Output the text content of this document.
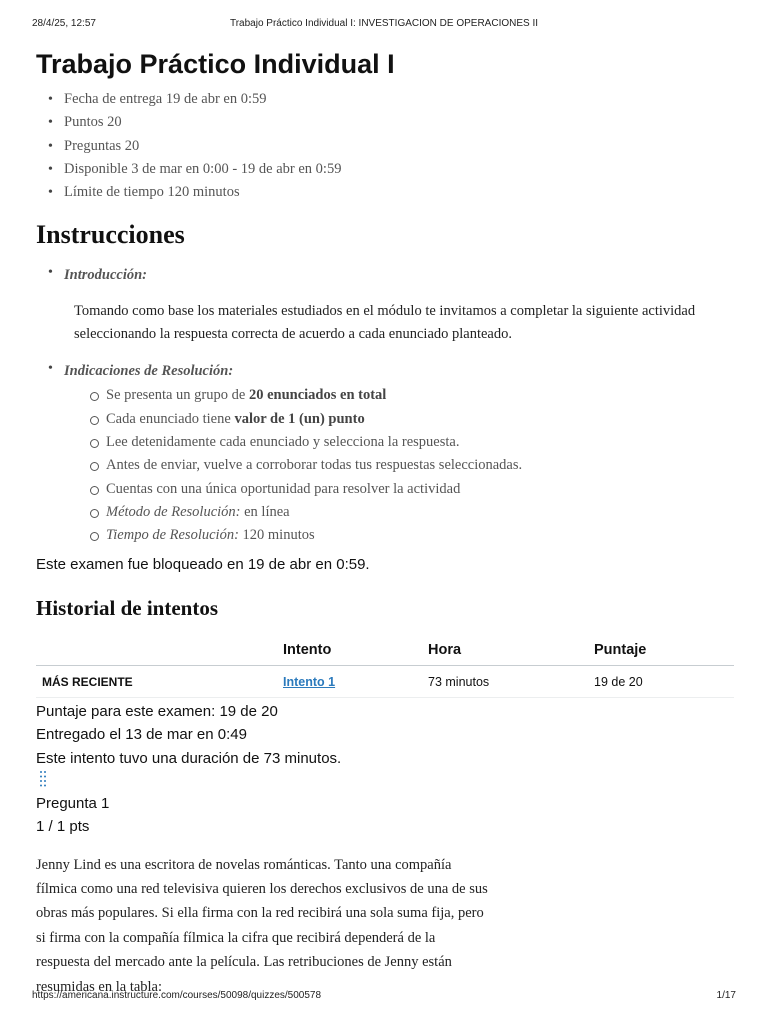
28/4/25, 12:57	Trabajo Práctico Individual I: INVESTIGACION DE OPERACIONES II
Trabajo Práctico Individual I
• Fecha de entrega 19 de abr en 0:59
• Puntos 20
• Preguntas 20
• Disponible 3 de mar en 0:00 - 19 de abr en 0:59
• Límite de tiempo 120 minutos
Instrucciones
• Introducción:

Tomando como base los materiales estudiados en el módulo te invitamos a completar la siguiente actividad seleccionando la respuesta correcta de acuerdo a cada enunciado planteado.

• Indicaciones de Resolución:
Se presenta un grupo de 20 enunciados en total
Cada enunciado tiene valor de 1 (un) punto
Lee detenidamente cada enunciado y selecciona la respuesta.
Antes de enviar, vuelve a corroborar todas tus respuestas seleccionadas.
Cuentas con una única oportunidad para resolver la actividad
Método de Resolución: en línea
Tiempo de Resolución: 120 minutos

Este examen fue bloqueado en 19 de abr en 0:59.

Historial de intentos
	Intento	Hora	Puntaje
MÁS RECIENTE	Intento 1	73 minutos	19 de 20
Puntaje para este examen: 19 de 20
Entregado el 13 de mar en 0:49
Este intento tuvo una duración de 73 minutos.
Pregunta 1
1 / 1 pts

Jenny Lind es una escritora de novelas románticas. Tanto una compañía fílmica como una red televisiva quieren los derechos exclusivos de una de sus obras más populares. Si ella firma con la red recibirá una sola suma fija, pero si firma con la compañía fílmica la cifra que recibirá dependerá de la respuesta del mercado ante la película. Las retribuciones de Jenny están resumidas en la tabla:

https://americana.instructure.com/courses/50098/quizzes/500578	1/17
